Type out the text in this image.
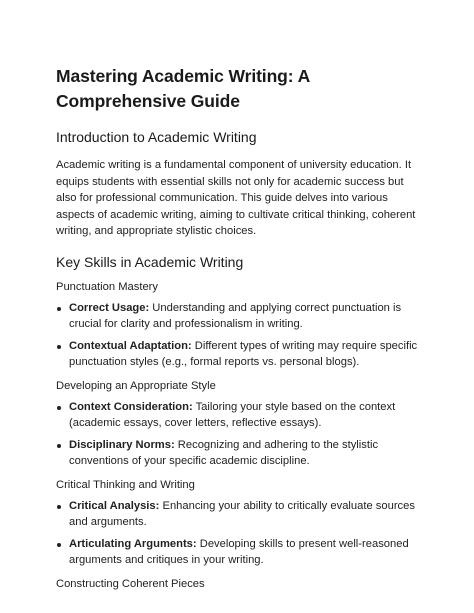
Mastering Academic Writing: A Comprehensive Guide
Introduction to Academic Writing

Academic writing is a fundamental component of university education. It equips students with essential skills not only for academic success but also for professional communication. This guide delves into various aspects of academic writing, aiming to cultivate critical thinking, coherent writing, and appropriate stylistic choices.

Key Skills in Academic Writing
Punctuation Mastery
Correct Usage: Understanding and applying correct punctuation is crucial for clarity and professionalism in writing.
Contextual Adaptation: Different types of writing may require specific punctuation styles (e.g., formal reports vs. personal blogs).
Developing an Appropriate Style
Context Consideration: Tailoring your style based on the context (academic essays, cover letters, reflective essays).
Disciplinary Norms: Recognizing and adhering to the stylistic conventions of your specific academic discipline.
Critical Thinking and Writing
Critical Analysis: Enhancing your ability to critically evaluate sources and arguments.
Articulating Arguments: Developing skills to present well-reasoned arguments and critiques in your writing.
Constructing Coherent Pieces
